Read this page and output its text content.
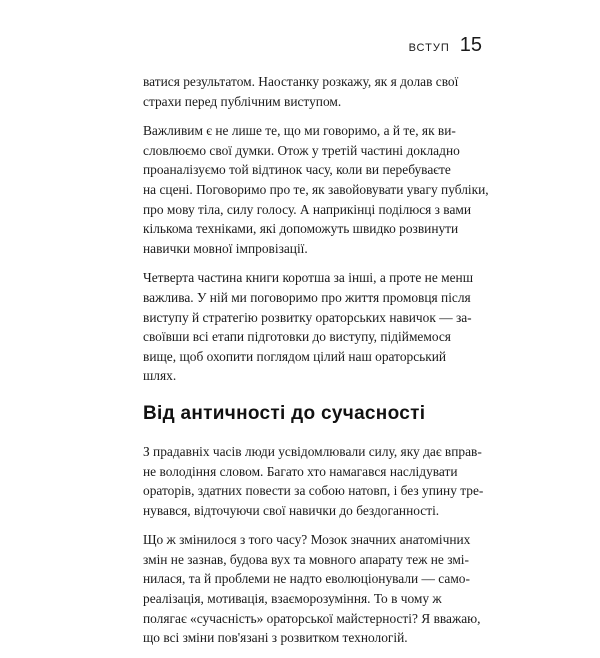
ВСТУП 15

ватися результатом. Наостанку розкажу, як я долав свої
страхи перед публічним виступом.

Важливим є не лише те, що ми говоримо, а й те, як ви-
словлюємо свої думки. Отож у третій частині докладно
проаналізуємо той відтинок часу, коли ви перебуваєте
на сцені. Поговоримо про те, як завойовувати увагу публіки,
про мову тіла, силу голосу. А наприкінці поділюся з вами
кількома техніками, які допоможуть швидко розвинути
навички мовної імпровізації.

Четверта частина книги коротша за інші, а проте не менш
важлива. У ній ми поговоримо про життя промовця після
виступу й стратегію розвитку ораторських навичок — за-
своївши всі етапи підготовки до виступу, підіймемося
вище, щоб охопити поглядом цілий наш ораторський
шлях.

Від античності до сучасності

З прадавніх часів люди усвідомлювали силу, яку дає вправ-
не володіння словом. Багато хто намагався наслідувати
ораторів, здатних повести за собою натовп, і без упину тре-
нувався, відточуючи свої навички до бездоганності.

Що ж змінилося з того часу? Мозок значних анатомічних
змін не зазнав, будова вух та мовного апарату теж не змі-
нилася, та й проблеми не надто еволюціонували — само-
реалізація, мотивація, взаєморозуміння. То в чому ж
полягає «сучасність» ораторської майстерності? Я вважаю,
що всі зміни пов'язані з розвитком технологій.
